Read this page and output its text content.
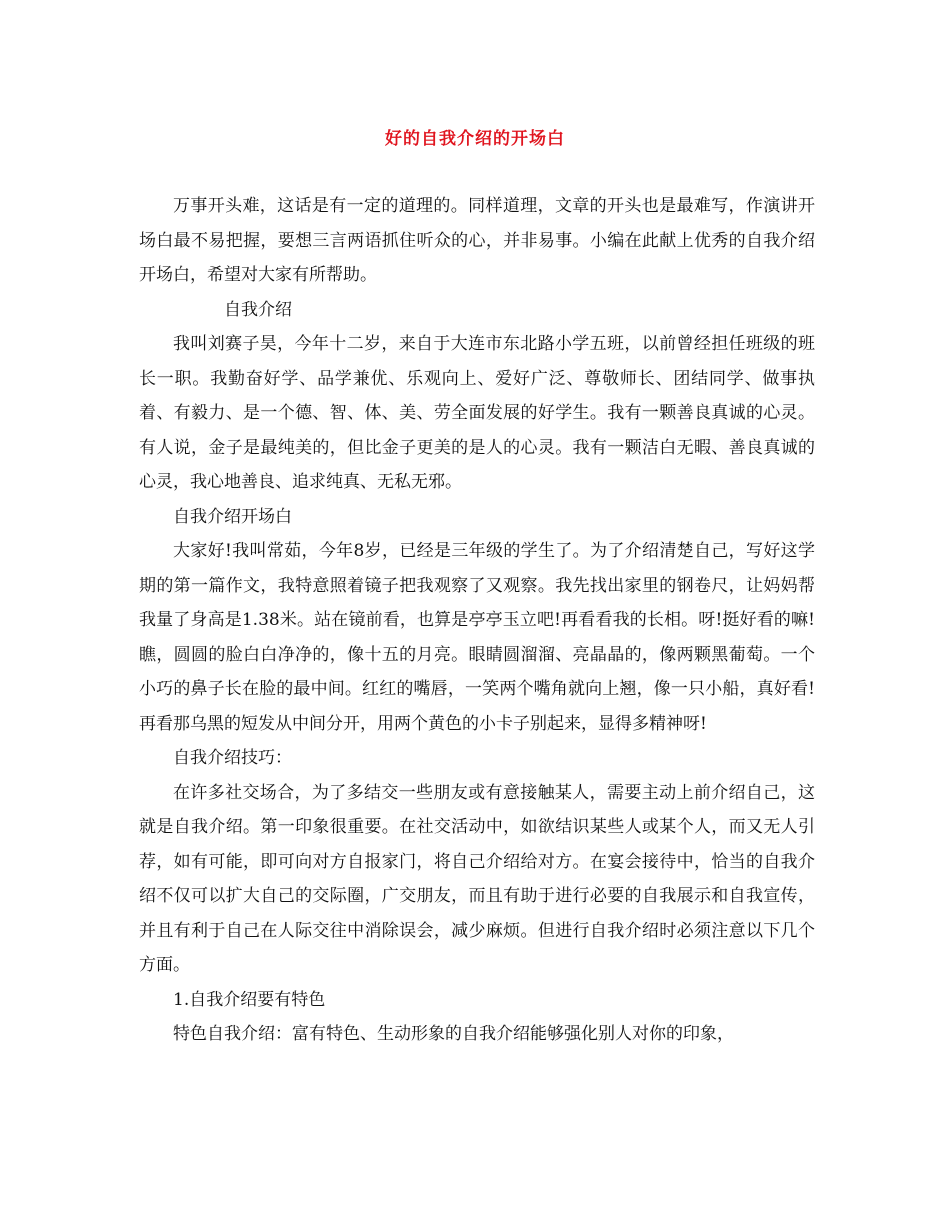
好的自我介绍的开场白

万事开头难，这话是有一定的道理的。同样道理，文章的开头也是最难写，作演讲开场白最不易把握，要想三言两语抓住听众的心，并非易事。小编在此献上优秀的自我介绍开场白，希望对大家有所帮助。

自我介绍

我叫刘赛子昊，今年十二岁，来自于大连市东北路小学五班，以前曾经担任班级的班长一职。我勤奋好学、品学兼优、乐观向上、爱好广泛、尊敬师长、团结同学、做事执着、有毅力、是一个德、智、体、美、劳全面发展的好学生。我有一颗善良真诚的心灵。有人说，金子是最纯美的，但比金子更美的是人的心灵。我有一颗洁白无暇、善良真诚的心灵，我心地善良、追求纯真、无私无邪。

自我介绍开场白

大家好!我叫常茹，今年8岁，已经是三年级的学生了。为了介绍清楚自己，写好这学期的第一篇作文，我特意照着镜子把我观察了又观察。我先找出家里的钢卷尺，让妈妈帮我量了身高是1.38米。站在镜前看，也算是亭亭玉立吧!再看看我的长相。呀!挺好看的嘛!瞧，圆圆的脸白白净净的，像十五的月亮。眼睛圆溜溜、亮晶晶的，像两颗黑葡萄。一个小巧的鼻子长在脸的最中间。红红的嘴唇，一笑两个嘴角就向上翘，像一只小船，真好看!再看那乌黑的短发从中间分开，用两个黄色的小卡子别起来，显得多精神呀!

自我介绍技巧：

在许多社交场合，为了多结交一些朋友或有意接触某人，需要主动上前介绍自己，这就是自我介绍。第一印象很重要。在社交活动中，如欲结识某些人或某个人，而又无人引荐，如有可能，即可向对方自报家门，将自己介绍给对方。在宴会接待中，恰当的自我介绍不仅可以扩大自己的交际圈，广交朋友，而且有助于进行必要的自我展示和自我宣传，并且有利于自己在人际交往中消除误会，减少麻烦。但进行自我介绍时必须注意以下几个方面。

1.自我介绍要有特色

特色自我介绍：富有特色、生动形象的自我介绍能够强化别人对你的印象，
